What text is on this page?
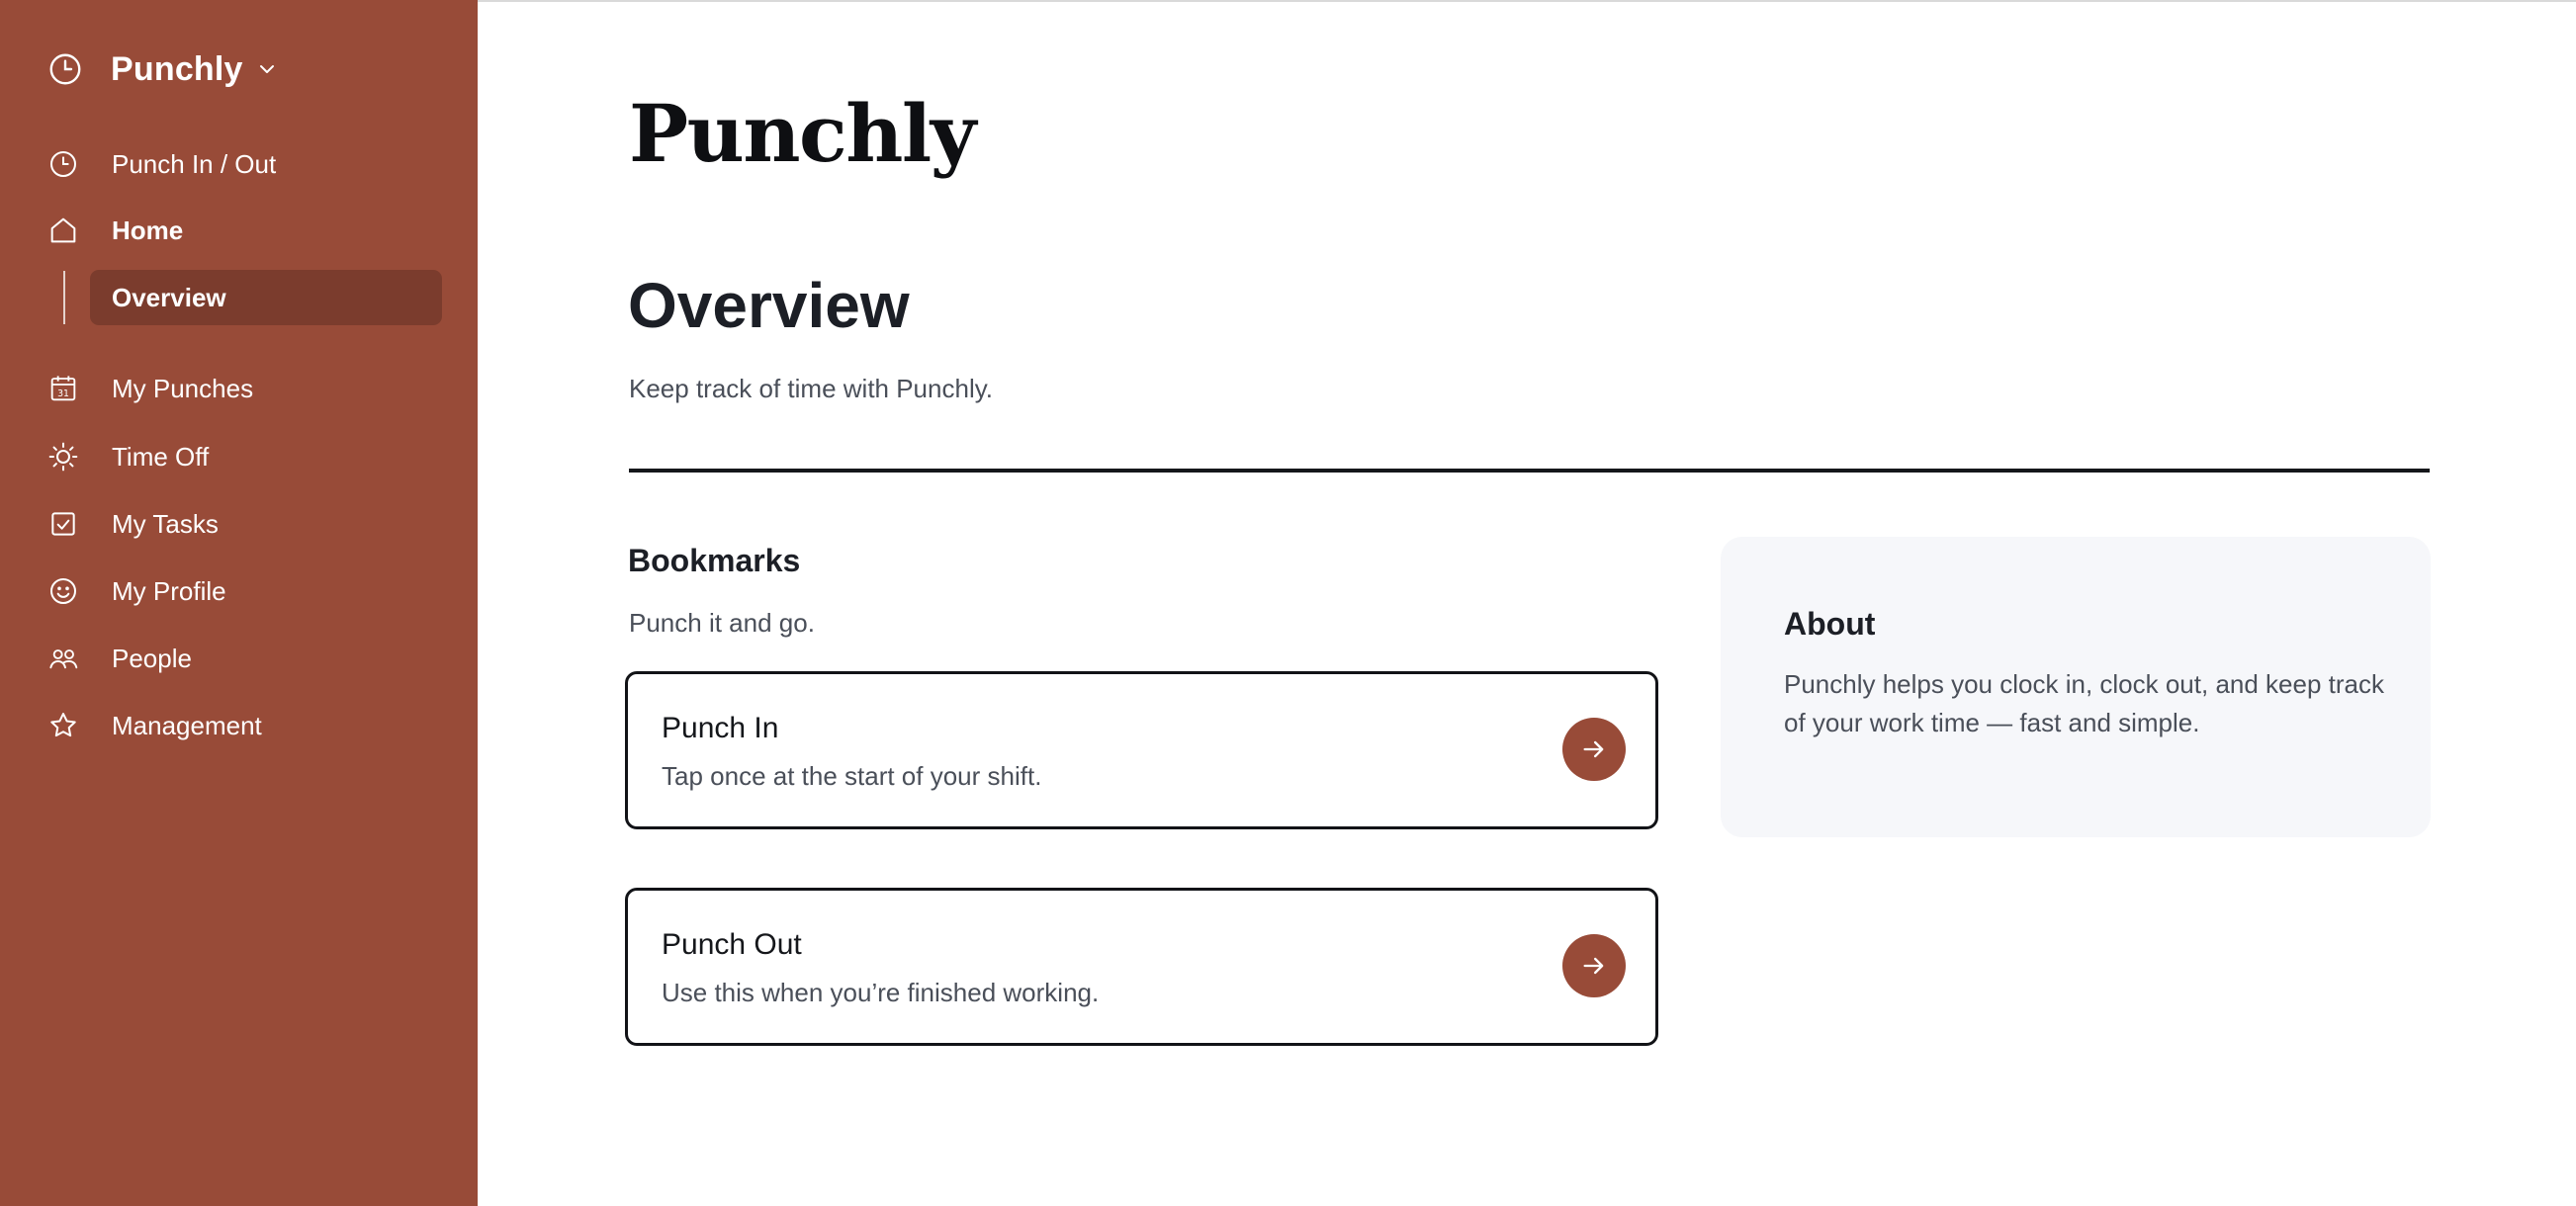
Punchly
Punch In / Out
Home
Overview
31 My Punches
Time Off
My Tasks
My Profile
People
Management
Punchly
Overview

Keep track of time with Punchly.

Bookmarks

Punch it and go.

Punch In
Tap once at the start of your shift.
Punch Out
Use this when you’re finished working.
About

Punchly helps you clock in, clock out, and keep track of your work time — fast and simple.
